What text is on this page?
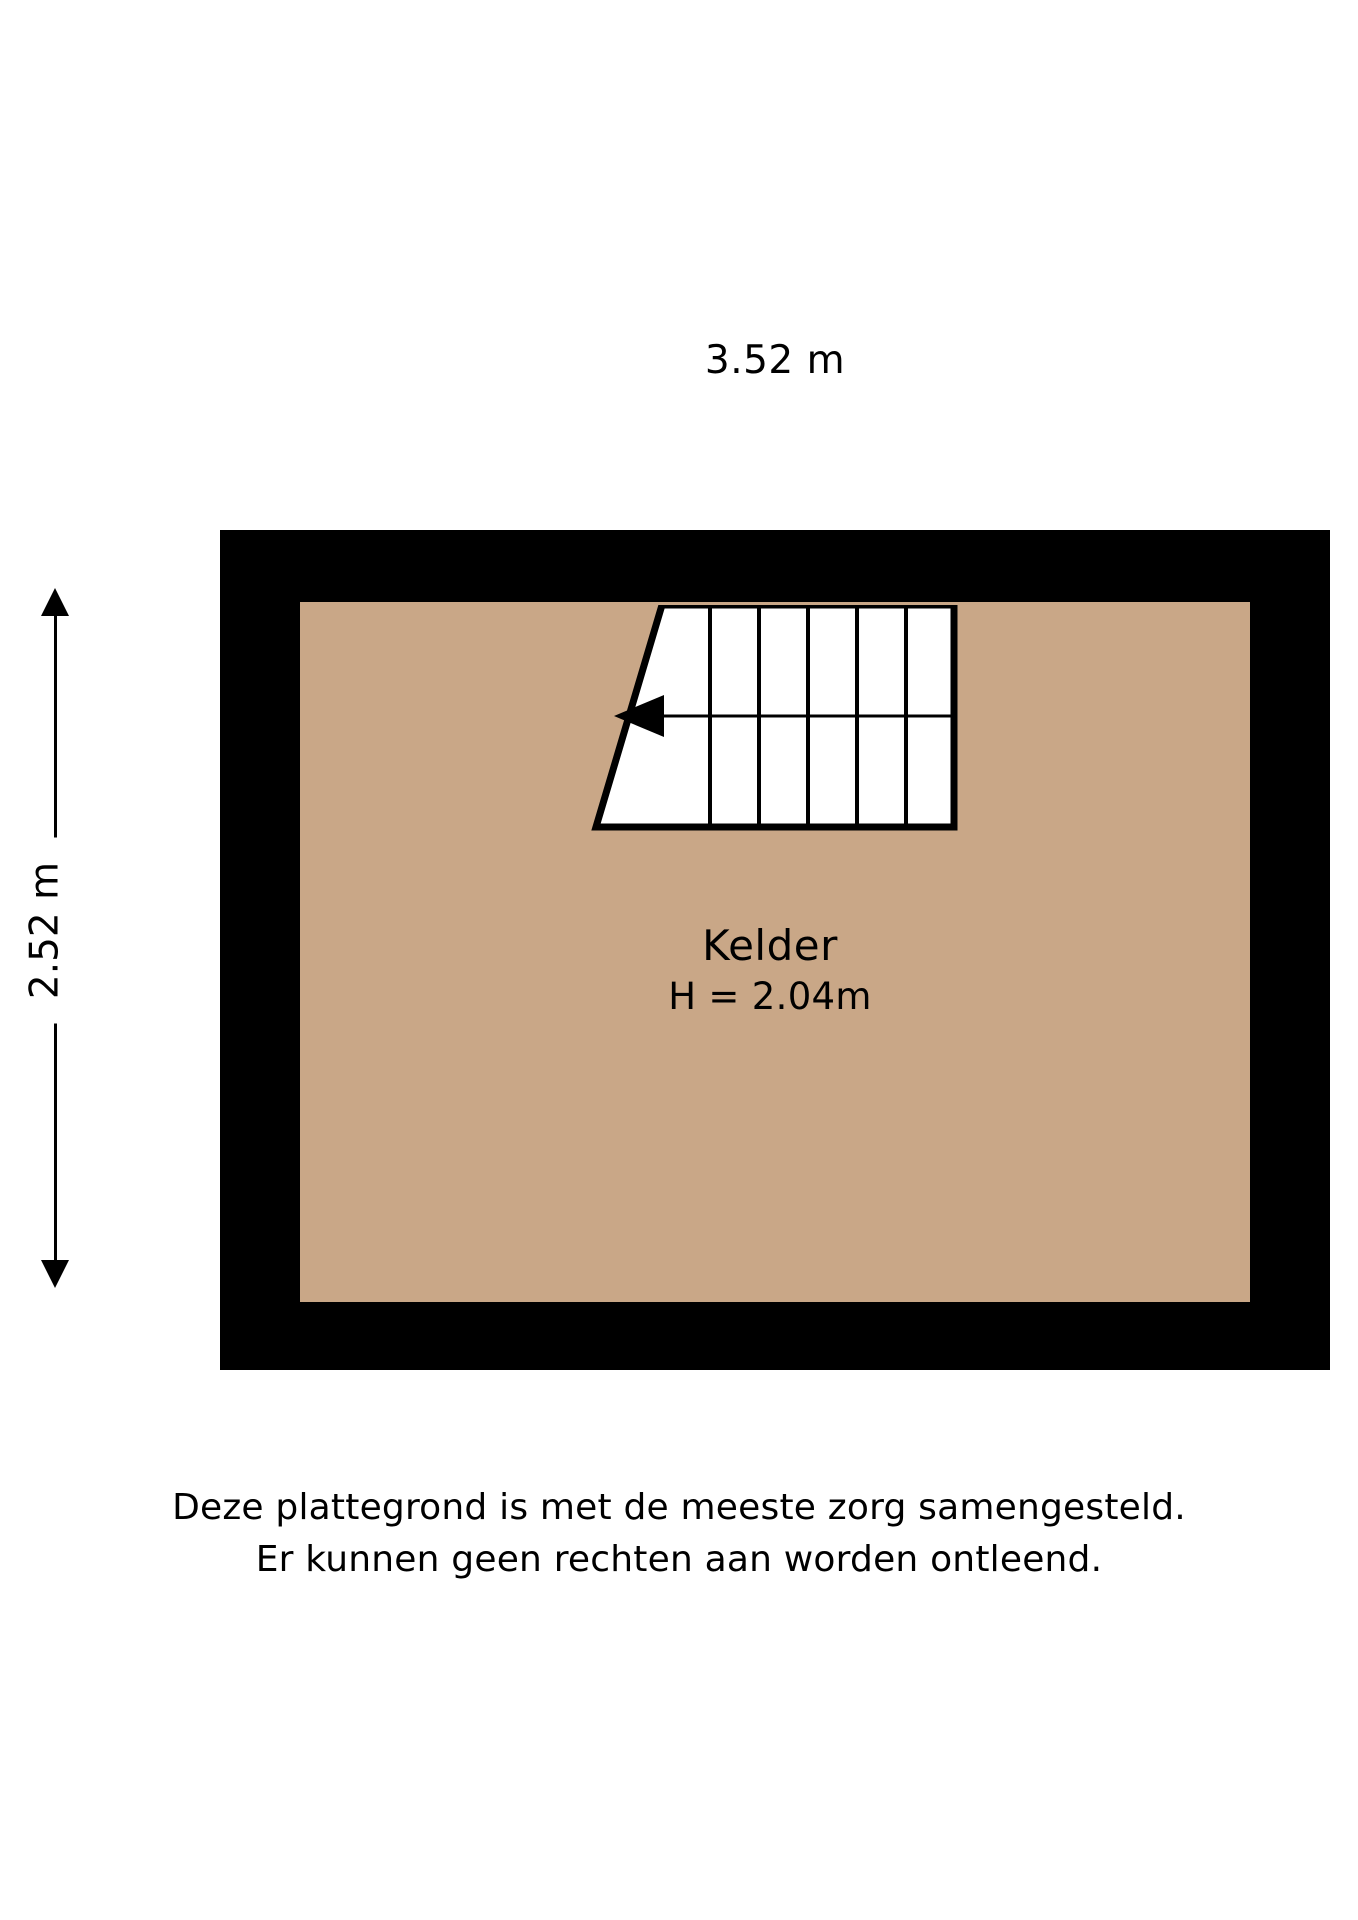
3.52 m
2.52 m	Kelder
H = 2.04m
Deze plattegrond is met de meeste zorg samengesteld.
Er kunnen geen rechten aan worden ontleend.
